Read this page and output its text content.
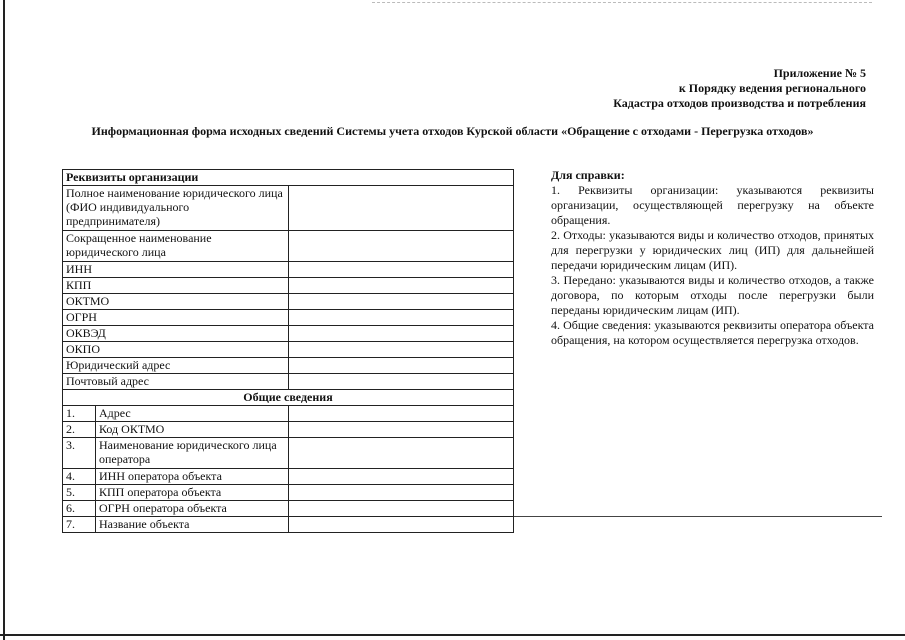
Приложение № 5
к Порядку ведения регионального
Кадастра отходов производства и потребления
Информационная форма исходных сведений Системы учета отходов Курской области «Обращение с отходами - Перегрузка отходов»
Реквизиты организации		
Полное наименование юридического лица (ФИО индивидуального предпринимателя)		
Сокращенное наименование юридического лица		
ИНН		
КПП		
ОКТМО		
ОГРН		
ОКВЭД		
ОКПО		
Юридический адрес		
Почтовый адрес		
Общие сведения		
1.	Адрес	
2.	Код ОКТМО	
3.	Наименование юридического лица оператора	
4.	ИНН оператора объекта	
5.	КПП оператора объекта	
6.	ОГРН оператора объекта	
7.	Название объекта	

Для справки:

1. Реквизиты организации: указываются реквизиты организации, осуществляющей перегрузку на объекте обращения.

2. Отходы: указываются виды и количество отходов, принятых для перегрузки у юридических лиц (ИП) для дальнейшей передачи юридическим лицам (ИП).

3. Передано: указываются виды и количество отходов, а также договора, по которым отходы после перегрузки были переданы юридическим лицам (ИП).

4. Общие сведения: указываются реквизиты оператора объекта обращения, на котором осуществляется перегрузка отходов.
